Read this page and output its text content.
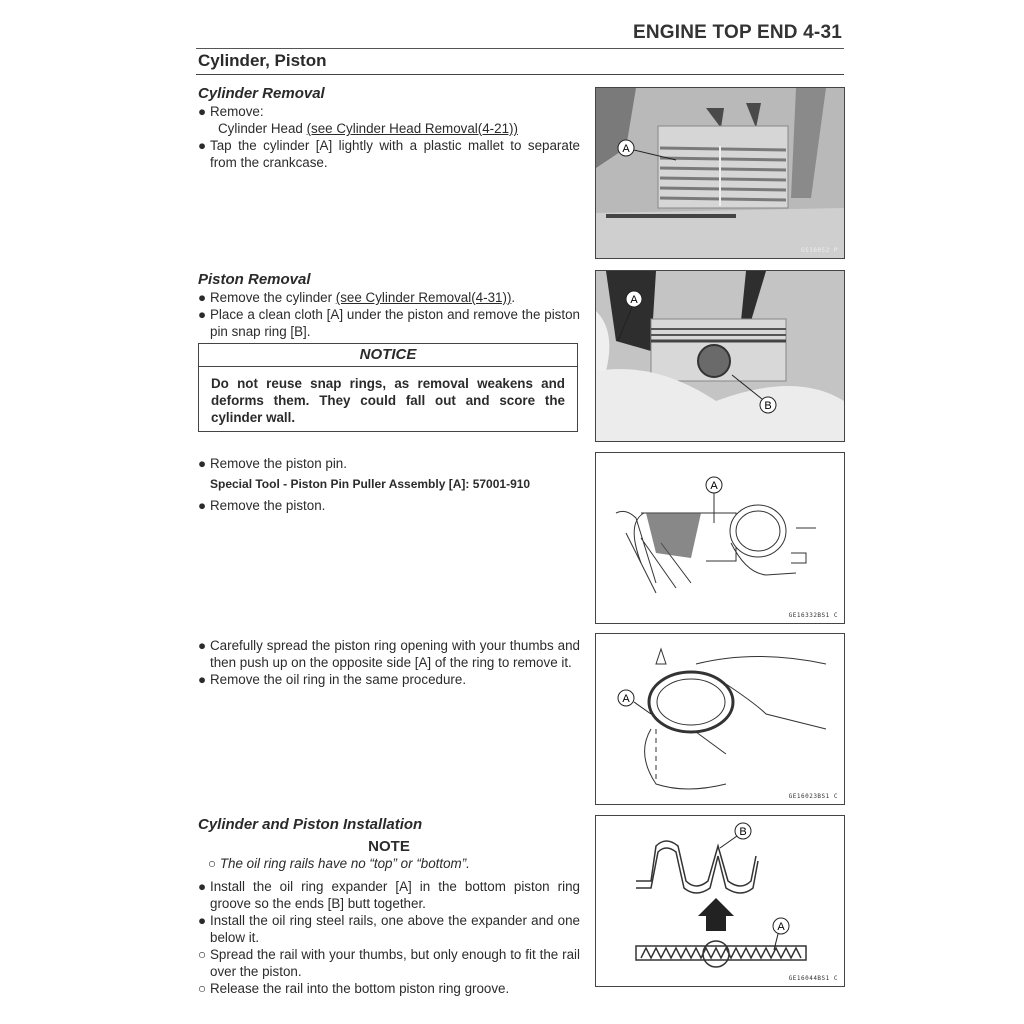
ENGINE TOP END 4-31
Cylinder, Piston
Cylinder Removal
● Remove:
Cylinder Head (see Cylinder Head Removal(4-21))
● Tap the cylinder [A] lightly with a plastic mallet to separate from the crankcase.
Piston Removal
● Remove the cylinder (see Cylinder Removal(4-31)).
● Place a clean cloth [A] under the piston and remove the piston pin snap ring [B].
NOTICE
Do not reuse snap rings, as removal weakens and deforms them. They could fall out and score the cylinder wall.
● Remove the piston pin.
Special Tool - Piston Pin Puller Assembly [A]: 57001-910
● Remove the piston.
● Carefully spread the piston ring opening with your thumbs and then push up on the opposite side [A] of the ring to remove it.
● Remove the oil ring in the same procedure.
Cylinder and Piston Installation
NOTE
○ The oil ring rails have no “top” or “bottom”.
● Install the oil ring expander [A] in the bottom piston ring groove so the ends [B] butt together.
● Install the oil ring steel rails, one above the expander and one below it.
○ Spread the rail with your thumbs, but only enough to fit the rail over the piston.
○ Release the rail into the bottom piston ring groove.
A
GS16052 P
A
B
GS16058 P
A
GE16332BS1 C
A
GE16023BS1 C
B
A
GE16044BS1 C
